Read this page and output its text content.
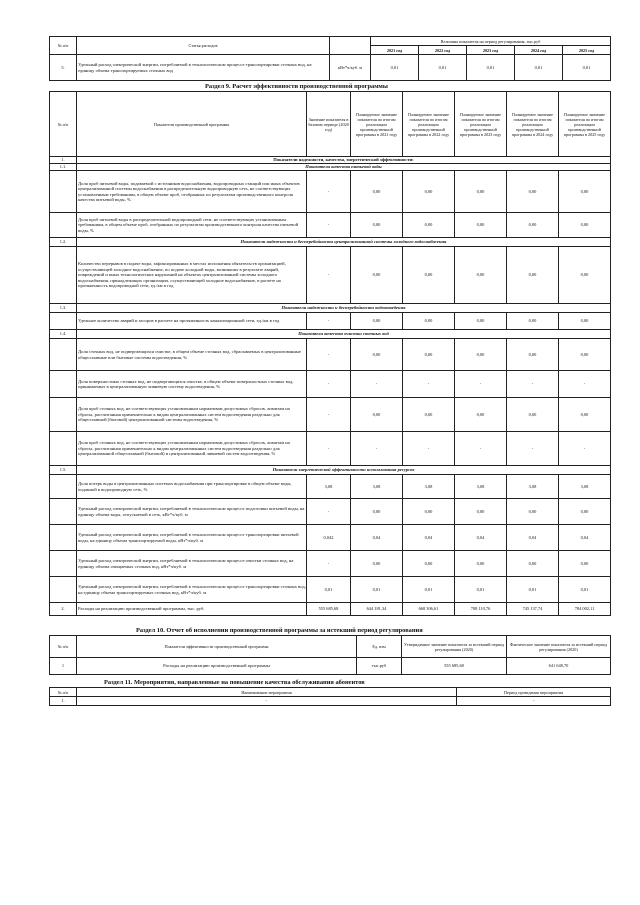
№ п/п	Статья расходов		Величина показателя на период регулирования, тыс.руб				
			2021 год	2022 год	2023 год	2024 год	2025 год
5.	Удельный расход электрической энергии, потребляемой в технологическом процессе транспортировки сточных вод, на единицу объема транспортируемых сточных вод	кВт*ч/куб. м	0,01	0,01	0,01	0,01	0,01
Раздел 9. Расчет эффективности производственной программы
№ п/п	Показатели производственной программы	Значение показателя в базовом периоде (2020 год)	Планируемое значение показателя по итогам реализации производственной программы в 2021 году	Планируемое значение показателя по итогам реализации производственной программы в 2022 году	Планируемое значение показателя по итогам реализации производственной программы в 2023 году	Планируемое значение показателя по итогам реализации производственной программы в 2024 году	Планируемое значение показателя по итогам реализации производственной программы в 2025 году
1.	Показатели надежности, качества, энергетической эффективности:						
1.1.	Показатели качества питьевой воды						
	Доля проб питьевой воды, подаваемой с источников водоснабжения, водопроводных станций или иных объектов централизованной системы водоснабжения в распределительную водопроводную сеть, не соответствующих установленным требованиям, в общем объеме проб, отобранных по результатам производственного контроля качества питьевой воды, %	-	0,00	0,00	0,00	0,00	0,00
	Доля проб питьевой воды в распределительной водопроводной сети, не соответствующих установленным требованиям, в общем объеме проб, отобранных по результатам производственного контроля качества питьевой воды, %	-	0,00	0,00	0,00	0,00	0,00
1.2.	Показатели надежности и бесперебойности централизованной системы холодного водоснабжения						
	Количество перерывов в подаче воды, зафиксированных в местах исполнения обязательств организацией, осуществляющей холодное водоснабжение, по подаче холодной воды, возникших в результате аварий, повреждений и иных технологических нарушений на объектах централизованной системы холодного водоснабжения, принадлежащих организации, осуществляющей холодное водоснабжение, в расчете на протяженность водопроводной сети, ед./км в год	-	0,00	0,00	0,00	0,00	0,00
1.3.	Показатели надежности и бесперебойности водоотведения						
	Удельное количество аварий и засоров в расчете на протяженность канализационной сети, ед./км в год	-	0,00	0,00	0,00	0,00	0,00
1.4.	Показатели качества очистки сточных вод						
	Доля сточных вод, не подвергающихся очистке, в общем объеме сточных вод, сбрасываемых в централизованные общесплавные или бытовые системы водоотведения, %	-	0,00	0,00	0,00	0,00	0,00
	Доля поверхностных сточных вод, не подвергающихся очистке, в общем объеме поверхностных сточных вод, принимаемых в централизованную ливневую систему водоотведения, %	-	-	-	-	-	-
	Доля проб сточных вод, не соответствующих установленным нормативам допустимых сбросов, лимитам на сбросы, рассчитанная применительно к видам централизованных систем водоотведения раздельно для общесплавной (бытовой) централизованной системы водоотведения, %	-	0,00	0,00	0,00	0,00	0,00
	Доля проб сточных вод, не соответствующих установленным нормативам допустимых сбросов, лимитам на сбросы, рассчитанная применительно к видам централизованных систем водоотведения раздельно для централизованной общесплавной (бытовой) и централизованной ливневой систем водоотведения, %	-	-	-	-	-	-
1.5.	Показатели энергетической эффективности использования ресурсов						
	Доля потерь воды в централизованных системах водоснабжения при транспортировке в общем объеме воды, поданной в водопроводную сеть, %	3,08	3,08	3,08	3,08	3,08	3,08
	Удельный расход электрической энергии, потребляемой в технологическом процессе подготовки питьевой воды, на единицу объема воды, отпускаемой в сеть, кВт*ч/куб. м	-	0,00	0,00	0,00	0,00	0,00
	Удельный расход электрической энергии, потребляемой в технологическом процессе транспортировки питьевой воды, на единицу объема транспортируемой воды, кВт*ч/куб. м	0,042	0,04	0,04	0,04	0,04	0,04
	Удельный расход электрической энергии, потребляемой в технологическом процессе очистки сточных вод, на единицу объема очищаемых сточных вод, кВт*ч/куб. м	-	0,00	0,00	0,00	0,00	0,00
	Удельный расход электрической энергии, потребляемой в технологическом процессе транспортировки сточных вод, на единицу объема транспортируемых сточных вод, кВт*ч/куб. м	0,01	0,01	0,01	0,01	0,01	0,01
2.	Расходы на реализацию производственной программы, тыс. руб.	555 685,68	644 181,34	668 306,61	708 110,76	745 137,74	784 002,11
Раздел 10. Отчет об исполнении производственной программы за истекший период регулирования
№ п/п	Показатели эффективности производственной программы	Ед. изм	Утвержденное значение показателя за истекший период регулирования (2020)	Фактическое значение показателя за истекший период регулирования (2020)
1	Расходы на реализацию производственной программы	тыс.руб	555 685,68	641 648,70
Раздел 11. Мероприятия, направленные на повышение качества обслуживания абонентов
№ п/п	Наименование мероприятия	Период проведения мероприятия
1.	-	-
